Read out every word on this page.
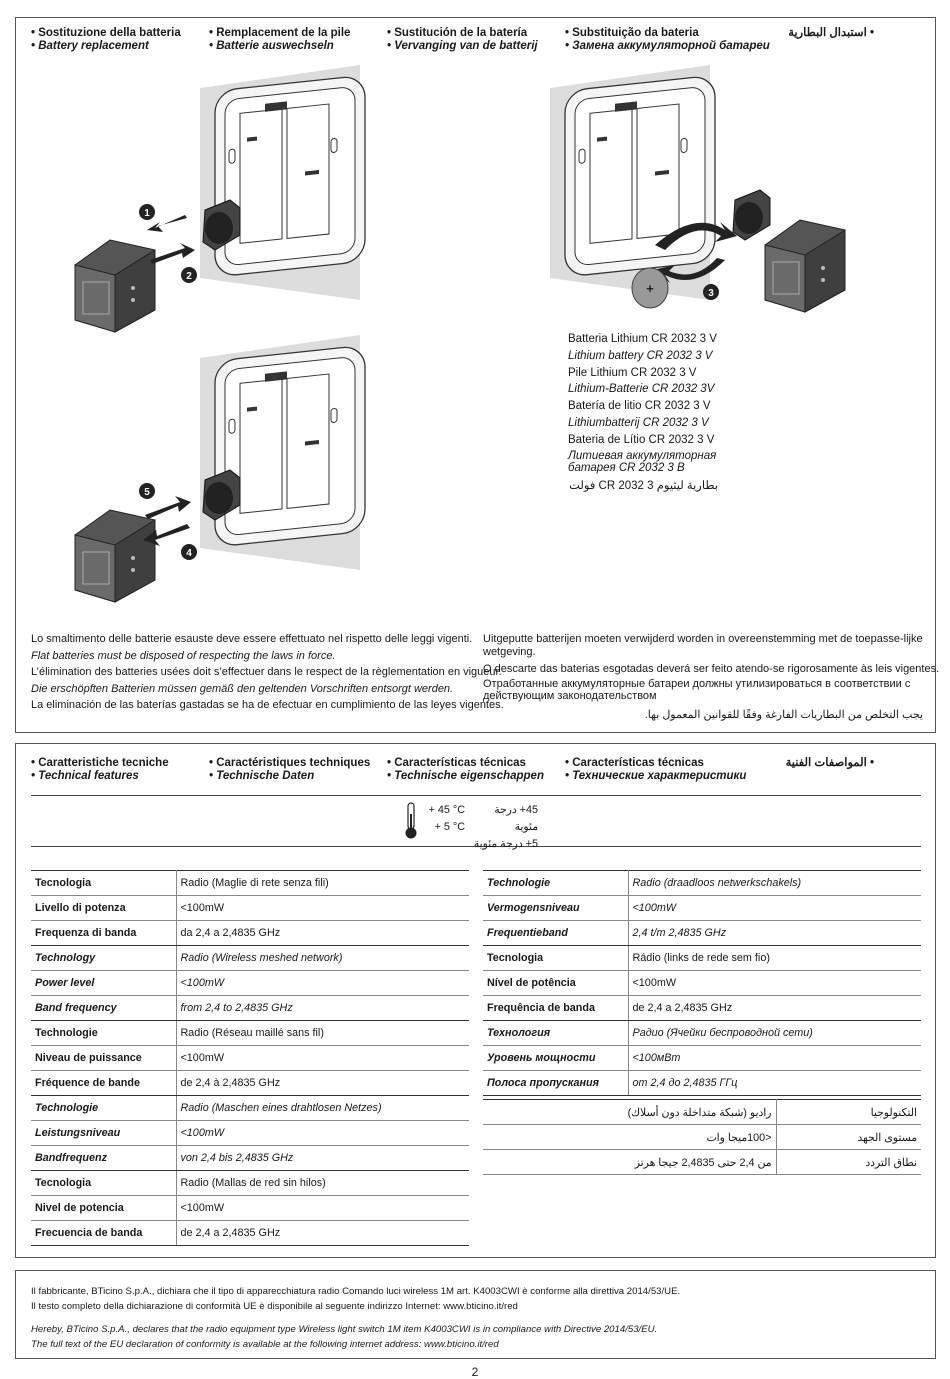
• Sostituzione della batteria
• Battery replacement
• Remplacement de la pile
• Batterie auswechseln
• Sustitución de la batería
• Vervanging van de batterij
• Substituição da bateria
• Замена аккумуляторной батареи
• استبدال البطارية
1
2
+	3
5
4
Batteria Lithium CR 2032 3 V
Lithium battery CR 2032 3 V
Pile Lithium CR 2032 3 V
Lithium-Batterie CR 2032 3V
Batería de litio CR 2032 3 V
Lithiumbatterij CR 2032 3 V
Bateria de Lítio CR 2032 3 V
Литиевая аккумуляторная батарея CR 2032 3 В
بطارية ليثيوم 3 2032 CR فولت
Lo smaltimento delle batterie esauste deve essere effettuato nel rispetto delle leggi vigenti.
Flat batteries must be disposed of respecting the laws in force.
L’élimination des batteries usées doit s’effectuer dans le respect de la règlementation en vigueur.
Die erschöpften Batterien müssen gemäß den geltenden Vorschriften entsorgt werden.
La eliminación de las baterías gastadas se ha de efectuar en cumplimiento de las leyes vigentes.
Uitgeputte batterijen moeten verwijderd worden in overeenstemming met de toepasse-lijke wetgeving.
O descarte das baterias esgotadas deverá ser feito atendo-se rigorosamente às leis vigentes.
Отработанные аккумуляторные батареи должны утилизироваться в соответствии с действующим законодательством
يجب التخلص من البطاريات الفارغة وفقًا للقوانين المعمول بها.
• Caratteristiche tecniche
• Technical features
• Caractéristiques techniques
• Technische Daten
• Características técnicas
• Technische eigenschappen
• Características técnicas
• Технические характеристики
• المواصفات الفنية
+ 45 °C
+ 5 °C
45+ درجة مئوية
5+ درجة مئوية
Tecnologia	Radio (Maglie di rete senza fili)
Livello di potenza	<100mW
Frequenza di banda	da 2,4 a 2,4835 GHz
Technology	Radio (Wireless meshed network)
Power level	<100mW
Band frequency	from 2,4 to 2,4835 GHz
Technologie	Radio (Réseau maillé sans fil)
Niveau de puissance	<100mW
Fréquence de bande	de 2,4 à 2,4835 GHz
Technologie	Radio (Maschen eines drahtlosen Netzes)
Leistungsniveau	<100mW
Bandfrequenz	von 2,4 bis 2,4835 GHz
Tecnologia	Radio (Mallas de red sin hilos)
Nivel de potencia	<100mW
Frecuencia de banda	de 2,4 a 2,4835 GHz
Technologie	Radio (draadloos netwerkschakels)
Vermogensniveau	<100mW
Frequentieband	2,4 t/m 2,4835 GHz
Tecnologia	Rádio (links de rede sem fio)
Nível de potência	<100mW
Frequência de banda	de 2,4 a 2,4835 GHz
Технология	Радио (Ячейки беспроводной сети)
Уровень мощности	<100мВт
Полоса пропускания	от 2,4 до 2,4835 ГГц
التكنولوجيا	راديو (شبكة متداخلة دون أسلاك)
مستوى الجهد	<100ميجا وات
نطاق التردد	من 2,4 حتى 2,4835 جيجا هرتز
Il fabbricante, BTicino S.p.A., dichiara che il tipo di apparecchiatura radio Comando luci wireless 1M art. K4003CWI è conforme alla direttiva 2014/53/UE.
Il testo completo della dichiarazione di conformità UE è disponibile al seguente indirizzo Internet: www.bticino.it/red
Hereby, BTicino S.p.A., declares that the radio equipment type Wireless light switch 1M item K4003CWI is in compliance with Directive 2014/53/EU.
The full text of the EU declaration of conformity is available at the following internet address: www.bticino.it/red
2
